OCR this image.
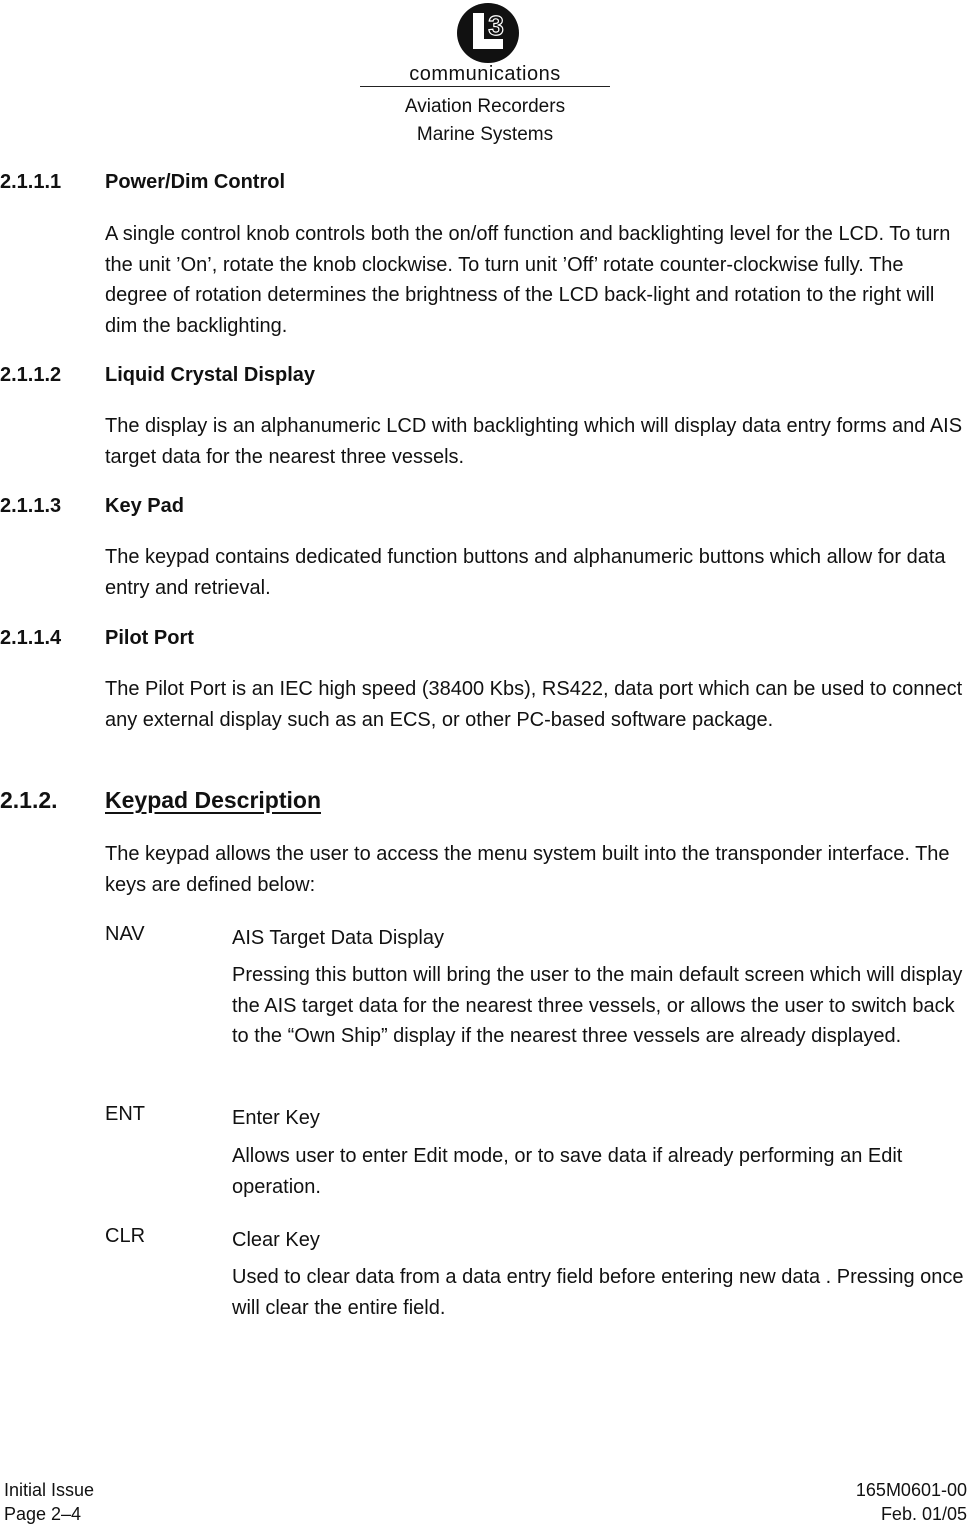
3
communications
Aviation Recorders
Marine Systems
2.1.1.1 Power/Dim Control
A single control knob controls both the on/off function and backlighting level for the LCD. To turn the unit ’On’, rotate the knob clockwise. To turn unit ’Off’ rotate counter-clockwise fully. The degree of rotation determines the brightness of the LCD back-light and rotation to the right will dim the backlighting.
2.1.1.2 Liquid Crystal Display
The display is an alphanumeric LCD with backlighting which will display data entry forms and AIS target data for the nearest three vessels.
2.1.1.3 Key Pad
The keypad contains dedicated function buttons and alphanumeric buttons which allow for data entry and retrieval.
2.1.1.4 Pilot Port
The Pilot Port is an IEC high speed (38400 Kbs), RS422, data port which can be used to connect any external display such as an ECS, or other PC-based software package.
2.1.2. Keypad Description
The keypad allows the user to access the menu system built into the transponder interface. The keys are defined below:
NAV	AIS Target Data Display
Pressing this button will bring the user to the main default screen which will display the AIS target data for the nearest three vessels, or allows the user to switch back to the “Own Ship” display if the nearest three vessels are already displayed.
ENT	Enter Key
Allows user to enter Edit mode, or to save data if already performing an Edit operation.
CLR	Clear Key
Used to clear data from a data entry field before entering new data . Pressing once will clear the entire field.
Initial Issue
Page 2–4
165M0601-00
Feb. 01/05
